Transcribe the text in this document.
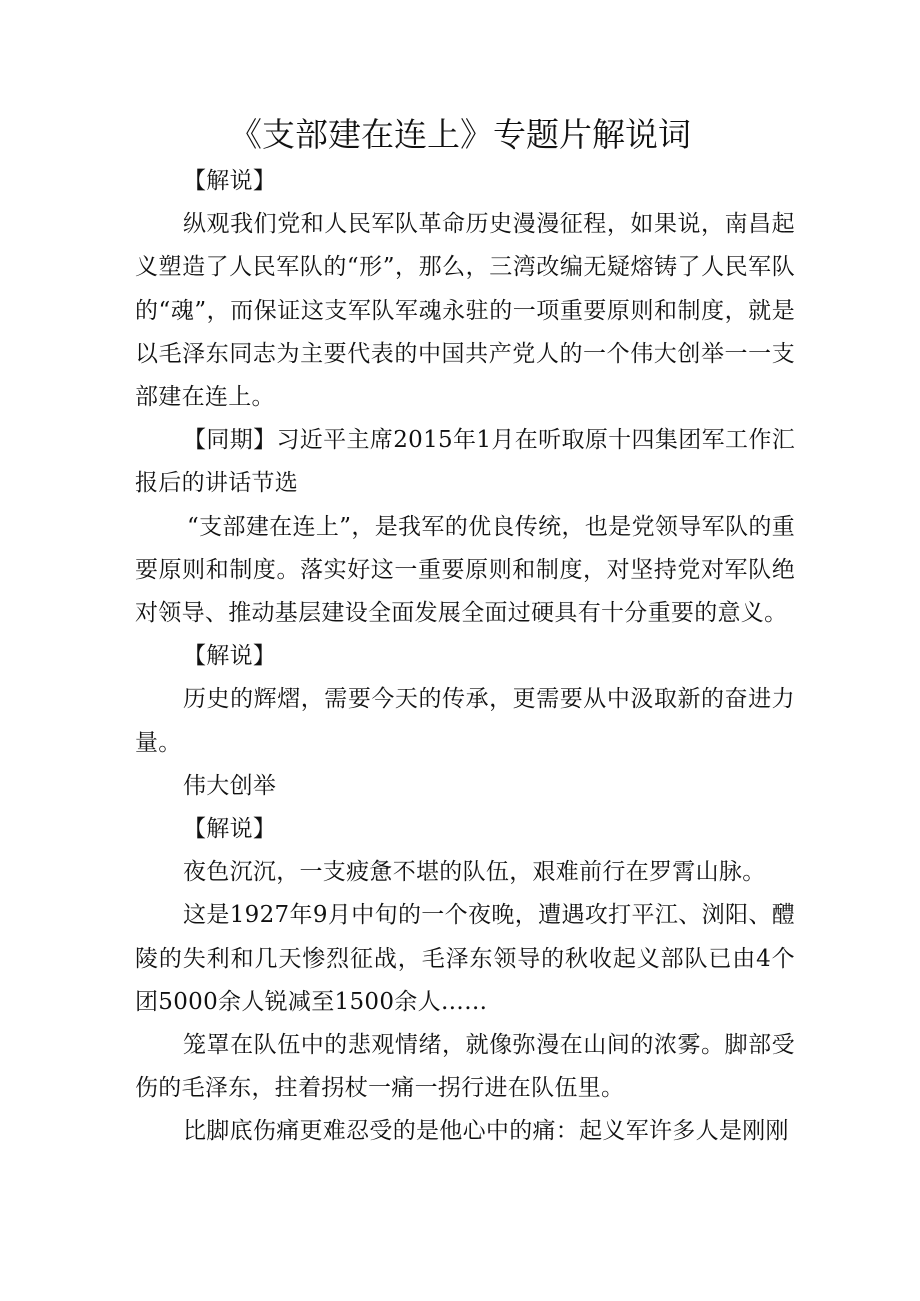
《支部建在连上》专题片解说词

【解说】

纵观我们党和人民军队革命历史漫漫征程，如果说，南昌起义塑造了人民军队的“形”，那么，三湾改编无疑熔铸了人民军队的“魂”，而保证这支军队军魂永驻的一项重要原则和制度，就是以毛泽东同志为主要代表的中国共产党人的一个伟大创举一一支部建在连上。

【同期】习近平主席2015年1月在听取原十四集团军工作汇报后的讲话节选

“支部建在连上”，是我军的优良传统，也是党领导军队的重要原则和制度。落实好这一重要原则和制度，对坚持党对军队绝对领导、推动基层建设全面发展全面过硬具有十分重要的意义。

【解说】

历史的辉熠，需要今天的传承，更需要从中汲取新的奋进力量。

伟大创举

【解说】

夜色沉沉，一支疲惫不堪的队伍，艰难前行在罗霄山脉。

这是1927年9月中旬的一个夜晚，遭遇攻打平江、浏阳、醴陵的失利和几天惨烈征战，毛泽东领导的秋收起义部队已由4个团5000余人锐减至1500余人……

笼罩在队伍中的悲观情绪，就像弥漫在山间的浓雾。脚部受伤的毛泽东，拄着拐杖一痛一拐行进在队伍里。

比脚底伤痛更难忍受的是他心中的痛：起义军许多人是刚刚
